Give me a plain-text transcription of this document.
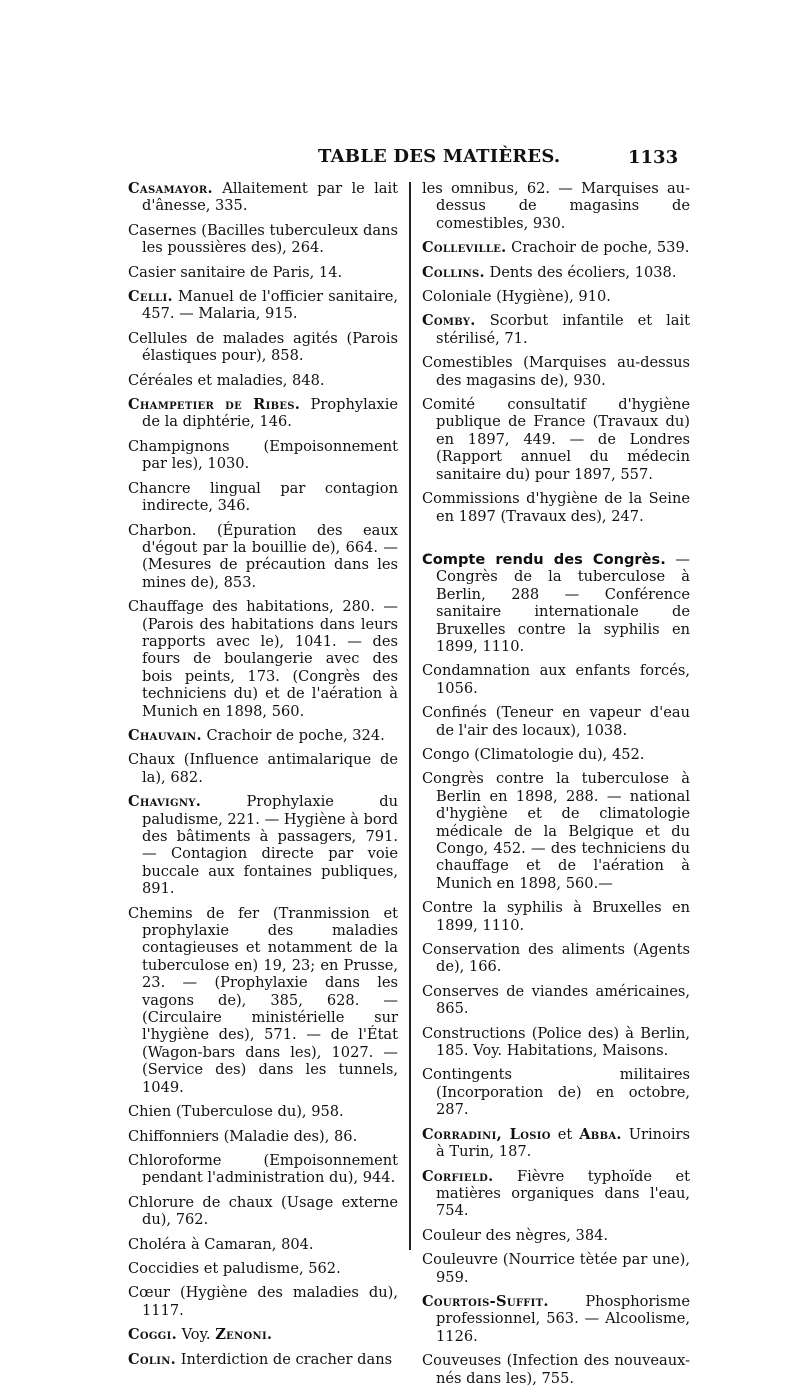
TABLE DES MATIÈRES.	1133
Casamayor. Allaitement par le lait d'ânesse, 335.
Casernes (Bacilles tuberculeux dans les poussières des), 264.
Casier sanitaire de Paris, 14.
Celli. Manuel de l'officier sanitaire, 457. — Malaria, 915.
Cellules de malades agités (Parois élastiques pour), 858.
Céréales et maladies, 848.
Champetier de Ribes. Prophylaxie de la diphtérie, 146.
Champignons (Empoisonnement par les), 1030.
Chancre lingual par contagion indirecte, 346.
Charbon. (Épuration des eaux d'égout par la bouillie de), 664. — (Mesures de précaution dans les mines de), 853.
Chauffage des habitations, 280. — (Parois des habitations dans leurs rapports avec le), 1041. — des fours de boulangerie avec des bois peints, 173. (Congrès des techniciens du) et de l'aération à Munich en 1898, 560.
Chauvain. Crachoir de poche, 324.
Chaux (Influence antimalarique de la), 682.
Chavigny. Prophylaxie du paludisme, 221. — Hygiène à bord des bâtiments à passagers, 791. — Contagion directe par voie buccale aux fontaines publiques, 891.
Chemins de fer (Tranmission et prophylaxie des maladies contagieuses et notamment de la tuberculose en) 19, 23; en Prusse, 23. — (Prophylaxie dans les vagons de), 385, 628. — (Circulaire ministérielle sur l'hygiène des), 571. — de l'État (Wagon-bars dans les), 1027. — (Service des) dans les tunnels, 1049.
Chien (Tuberculose du), 958.
Chiffonniers (Maladie des), 86.
Chloroforme (Empoisonnement pendant l'administration du), 944.
Chlorure de chaux (Usage externe du), 762.
Choléra à Camaran, 804.
Coccidies et paludisme, 562.
Cœur (Hygiène des maladies du), 1117.
Coggi. Voy. Zenoni.
Colin. Interdiction de cracher dans
les omnibus, 62. — Marquises au-dessus de magasins de comestibles, 930.
Colleville. Crachoir de poche, 539.
Collins. Dents des écoliers, 1038.
Coloniale (Hygiène), 910.
Comby. Scorbut infantile et lait stérilisé, 71.
Comestibles (Marquises au-dessus des magasins de), 930.
Comité consultatif d'hygiène publique de France (Travaux du) en 1897, 449. — de Londres (Rapport annuel du médecin sanitaire du) pour 1897, 557.
Commissions d'hygiène de la Seine en 1897 (Travaux des), 247.
Compte rendu des Congrès. — Congrès de la tuberculose à Berlin, 288 — Conférence sanitaire internationale de Bruxelles contre la syphilis en 1899, 1110.
Condamnation aux enfants forcés, 1056.
Confinés (Teneur en vapeur d'eau de l'air des locaux), 1038.
Congo (Climatologie du), 452.
Congrès contre la tuberculose à Berlin en 1898, 288. — national d'hygiène et de climatologie médicale de la Belgique et du Congo, 452. — des techniciens du chauffage et de l'aération à Munich en 1898, 560.—
Contre la syphilis à Bruxelles en 1899, 1110.
Conservation des aliments (Agents de), 166.
Conserves de viandes américaines, 865.
Constructions (Police des) à Berlin, 185. Voy. Habitations, Maisons.
Contingents militaires (Incorporation de) en octobre, 287.
Corradini, Losio et Abba. Urinoirs à Turin, 187.
Corfield. Fièvre typhoïde et matières organiques dans l'eau, 754.
Couleur des nègres, 384.
Couleuvre (Nourrice tètée par une), 959.
Courtois-Suffit. Phosphorisme professionnel, 563. — Alcoolisme, 1126.
Couveuses (Infection des nouveaux-nés dans les), 755.
